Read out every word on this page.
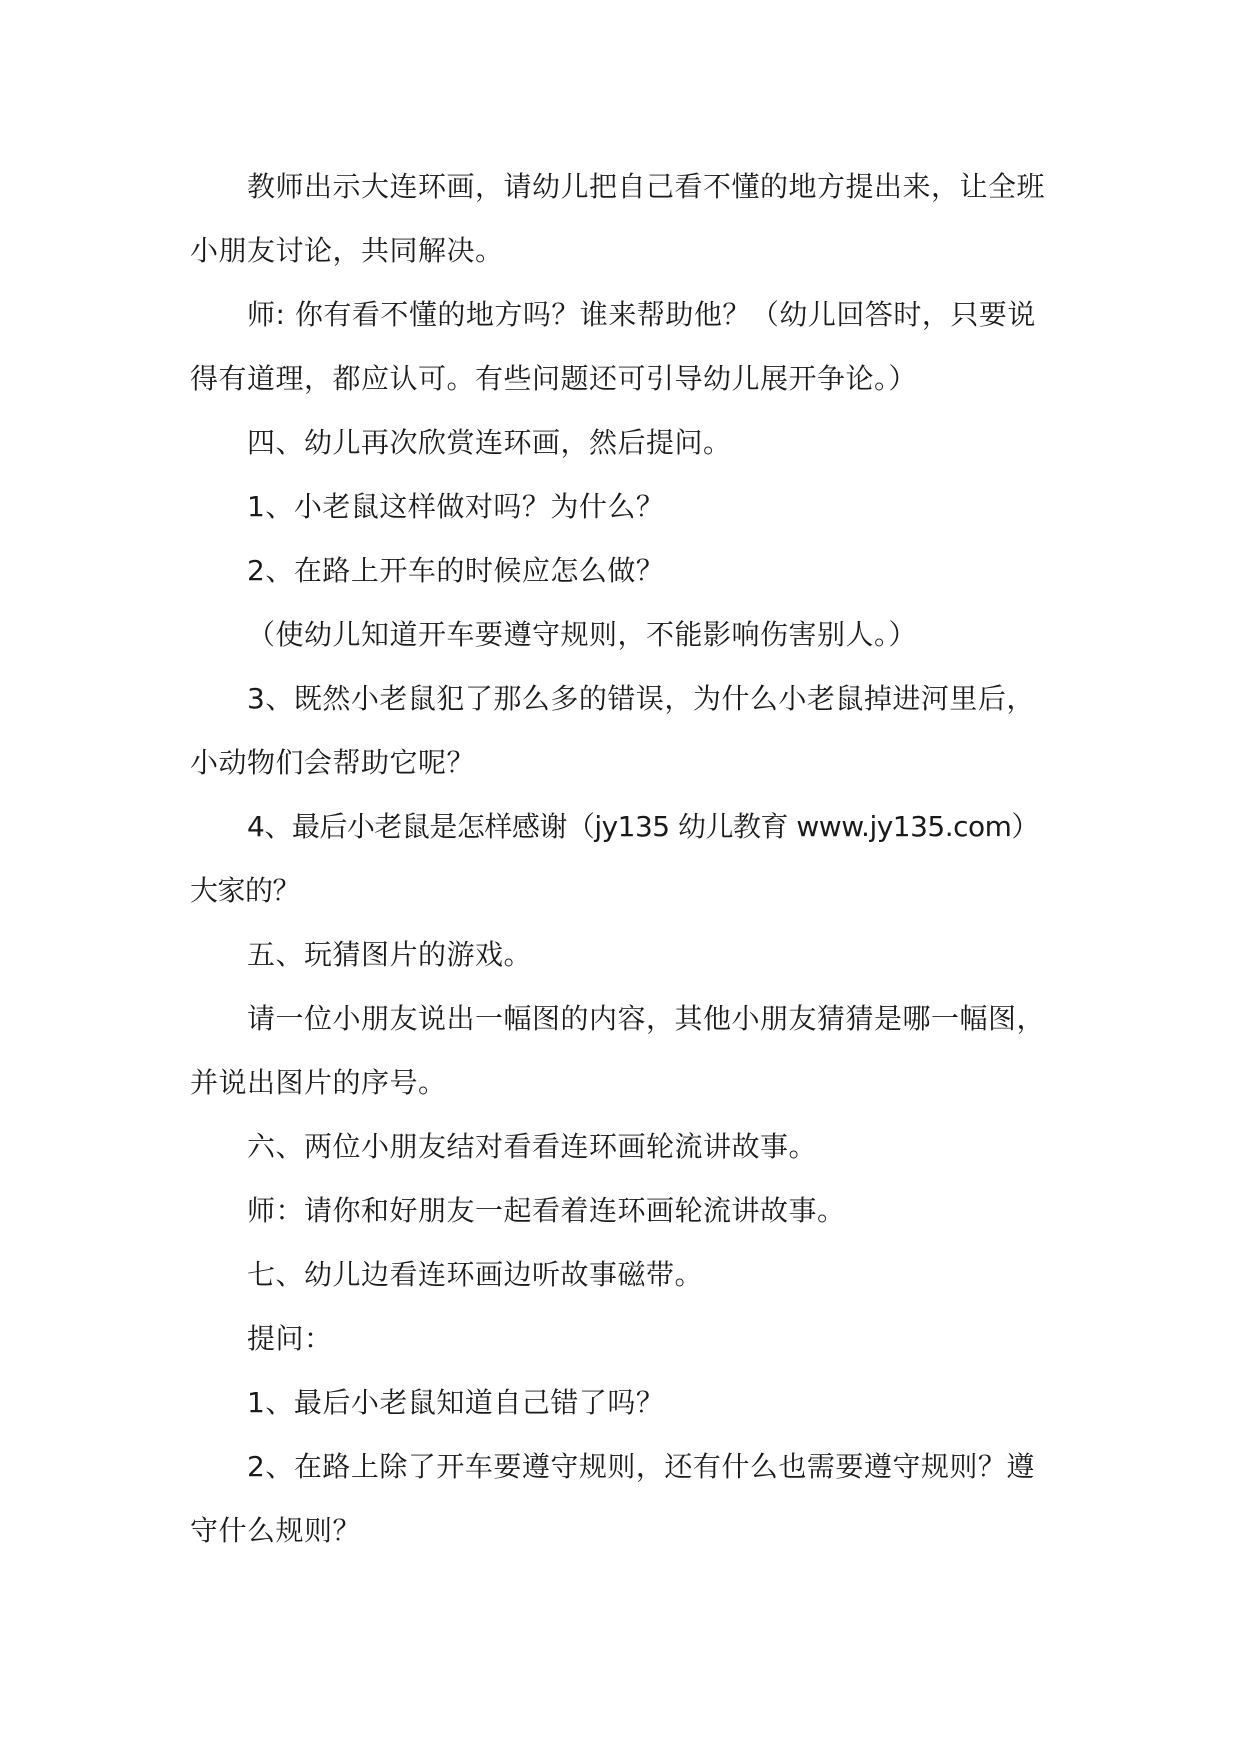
教师出示大连环画，请幼儿把自己看不懂的地方提出来，让全班小朋友讨论，共同解决。

师: 你有看不懂的地方吗？谁来帮助他？（幼儿回答时，只要说得有道理，都应认可。有些问题还可引导幼儿展开争论。）

四、幼儿再次欣赏连环画，然后提问。

1、小老鼠这样做对吗？为什么？

2、在路上开车的时候应怎么做？

（使幼儿知道开车要遵守规则，不能影响伤害别人。）

3、既然小老鼠犯了那么多的错误，为什么小老鼠掉进河里后，小动物们会帮助它呢？

4、最后小老鼠是怎样感谢（jy135 幼儿教育 www.jy135.com）大家的？

五、玩猜图片的游戏。

请一位小朋友说出一幅图的内容，其他小朋友猜猜是哪一幅图，并说出图片的序号。

六、两位小朋友结对看看连环画轮流讲故事。

师：请你和好朋友一起看着连环画轮流讲故事。

七、幼儿边看连环画边听故事磁带。

提问：

1、最后小老鼠知道自己错了吗？

2、在路上除了开车要遵守规则，还有什么也需要遵守规则？遵守什么规则？
